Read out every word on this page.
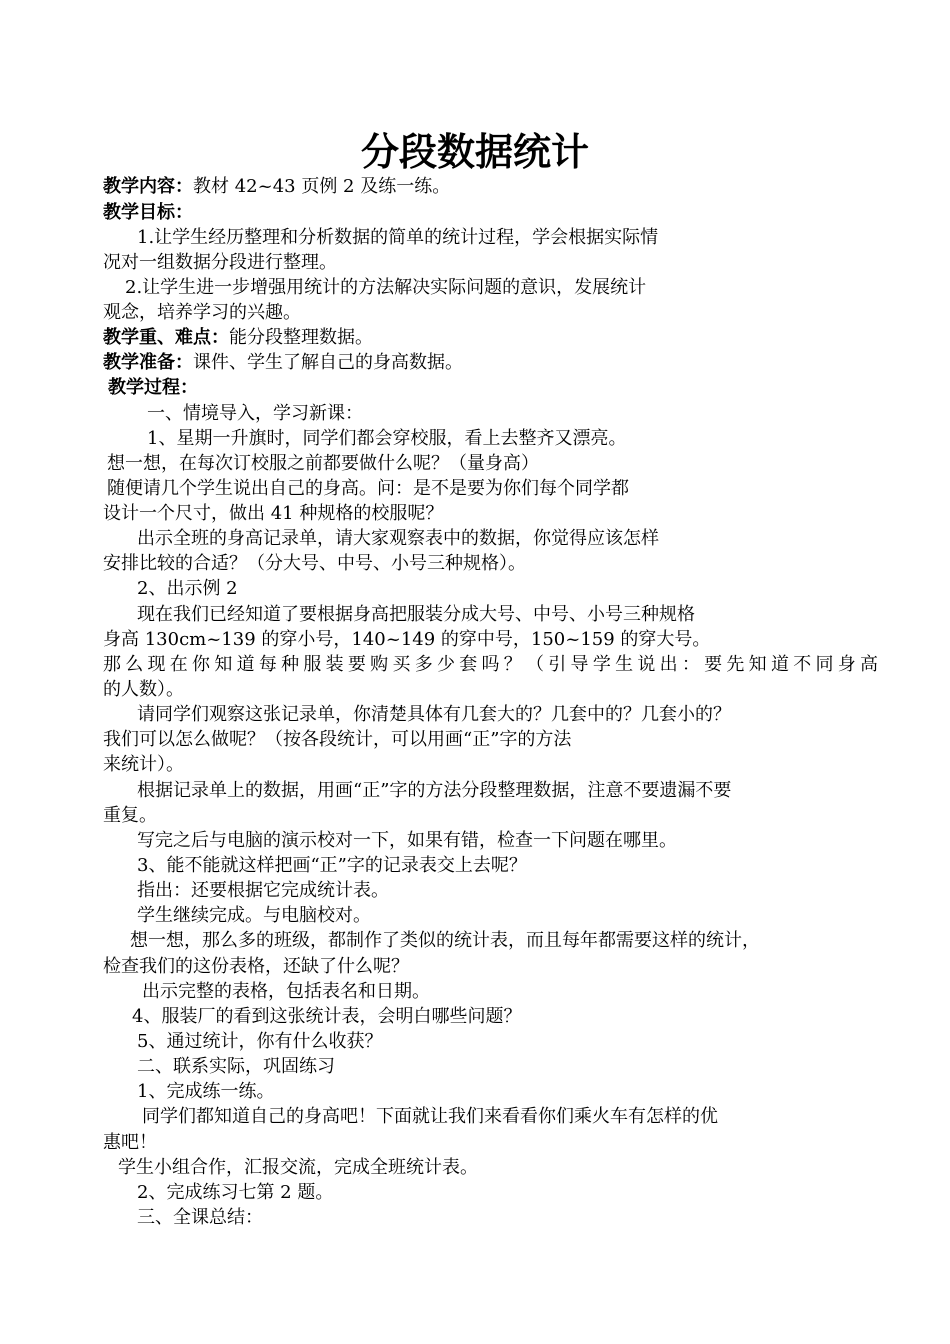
分段数据统计
教学内容：教材 42~43 页例 2 及练一练。
教学目标：
1.让学生经历整理和分析数据的简单的统计过程，学会根据实际情
况对一组数据分段进行整理。
2.让学生进一步增强用统计的方法解决实际问题的意识，发展统计
观念，培养学习的兴趣。
教学重、难点：能分段整理数据。
教学准备：课件、学生了解自己的身高数据。
教学过程：
一、情境导入，学习新课：
1、星期一升旗时，同学们都会穿校服，看上去整齐又漂亮。
想一想，在每次订校服之前都要做什么呢？（量身高）
随便请几个学生说出自己的身高。问：是不是要为你们每个同学都
设计一个尺寸，做出 41 种规格的校服呢？
出示全班的身高记录单，请大家观察表中的数据，你觉得应该怎样
安排比较的合适？（分大号、中号、小号三种规格）。
2、出示例 2
现在我们已经知道了要根据身高把服装分成大号、中号、小号三种规格
身高 130cm~139 的穿小号，140~149 的穿中号，150~159 的穿大号。
那么现在你知道每种服装要购买多少套吗？（引导学生说出：要先知道不同身高
的人数）。
请同学们观察这张记录单，你清楚具体有几套大的？几套中的？几套小的？
我们可以怎么做呢？（按各段统计，可以用画“正”字的方法
来统计）。
根据记录单上的数据，用画“正”字的方法分段整理数据，注意不要遗漏不要
重复。
写完之后与电脑的演示校对一下，如果有错，检查一下问题在哪里。
3、能不能就这样把画“正”字的记录表交上去呢？
指出：还要根据它完成统计表。
学生继续完成。与电脑校对。
想一想，那么多的班级，都制作了类似的统计表，而且每年都需要这样的统计，
检查我们的这份表格，还缺了什么呢？
出示完整的表格，包括表名和日期。
4、服装厂的看到这张统计表，会明白哪些问题？
5、通过统计，你有什么收获？
二、联系实际，巩固练习
1、完成练一练。
同学们都知道自己的身高吧！下面就让我们来看看你们乘火车有怎样的优
惠吧！
学生小组合作，汇报交流，完成全班统计表。
2、完成练习七第 2 题。
三、全课总结：
